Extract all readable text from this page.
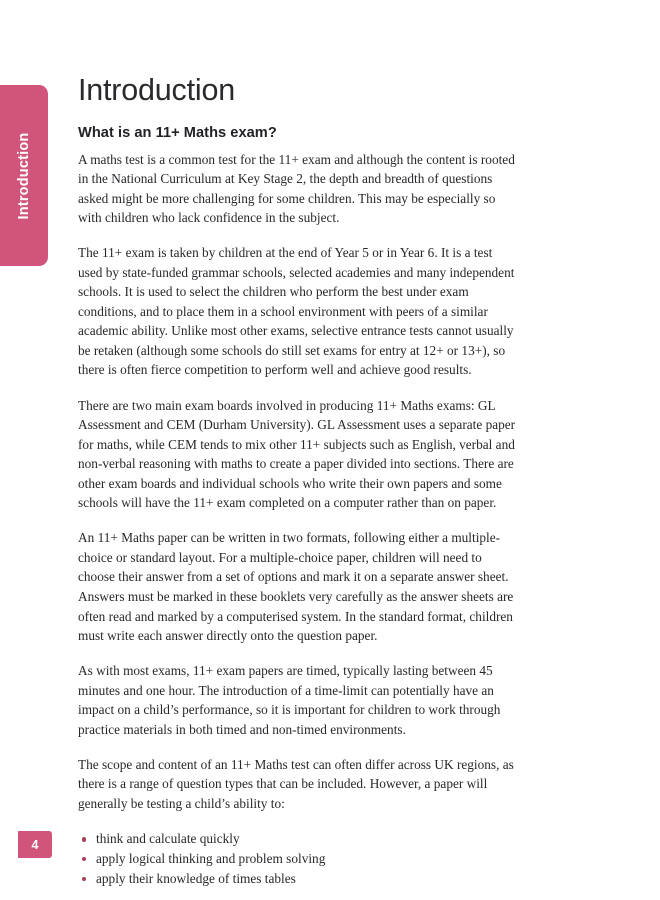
Introduction
4
Introduction
What is an 11+ Maths exam?

A maths test is a common test for the 11+ exam and although the content is rooted in the National Curriculum at Key Stage 2, the depth and breadth of questions asked might be more challenging for some children. This may be especially so with children who lack confidence in the subject.

The 11+ exam is taken by children at the end of Year 5 or in Year 6. It is a test used by state-funded grammar schools, selected academies and many independent schools. It is used to select the children who perform the best under exam conditions, and to place them in a school environment with peers of a similar academic ability. Unlike most other exams, selective entrance tests cannot usually be retaken (although some schools do still set exams for entry at 12+ or 13+), so there is often fierce competition to perform well and achieve good results.

There are two main exam boards involved in producing 11+ Maths exams: GL Assessment and CEM (Durham University). GL Assessment uses a separate paper for maths, while CEM tends to mix other 11+ subjects such as English, verbal and non-verbal reasoning with maths to create a paper divided into sections. There are other exam boards and individual schools who write their own papers and some schools will have the 11+ exam completed on a computer rather than on paper.

An 11+ Maths paper can be written in two formats, following either a multiple-choice or standard layout. For a multiple-choice paper, children will need to choose their answer from a set of options and mark it on a separate answer sheet. Answers must be marked in these booklets very carefully as the answer sheets are often read and marked by a computerised system. In the standard format, children must write each answer directly onto the question paper.

As with most exams, 11+ exam papers are timed, typically lasting between 45 minutes and one hour. The introduction of a time-limit can potentially have an impact on a child’s performance, so it is important for children to work through practice materials in both timed and non-timed environments.

The scope and content of an 11+ Maths test can often differ across UK regions, as there is a range of question types that can be included. However, a paper will generally be testing a child’s ability to:

think and calculate quickly
apply logical thinking and problem solving
apply their knowledge of times tables
